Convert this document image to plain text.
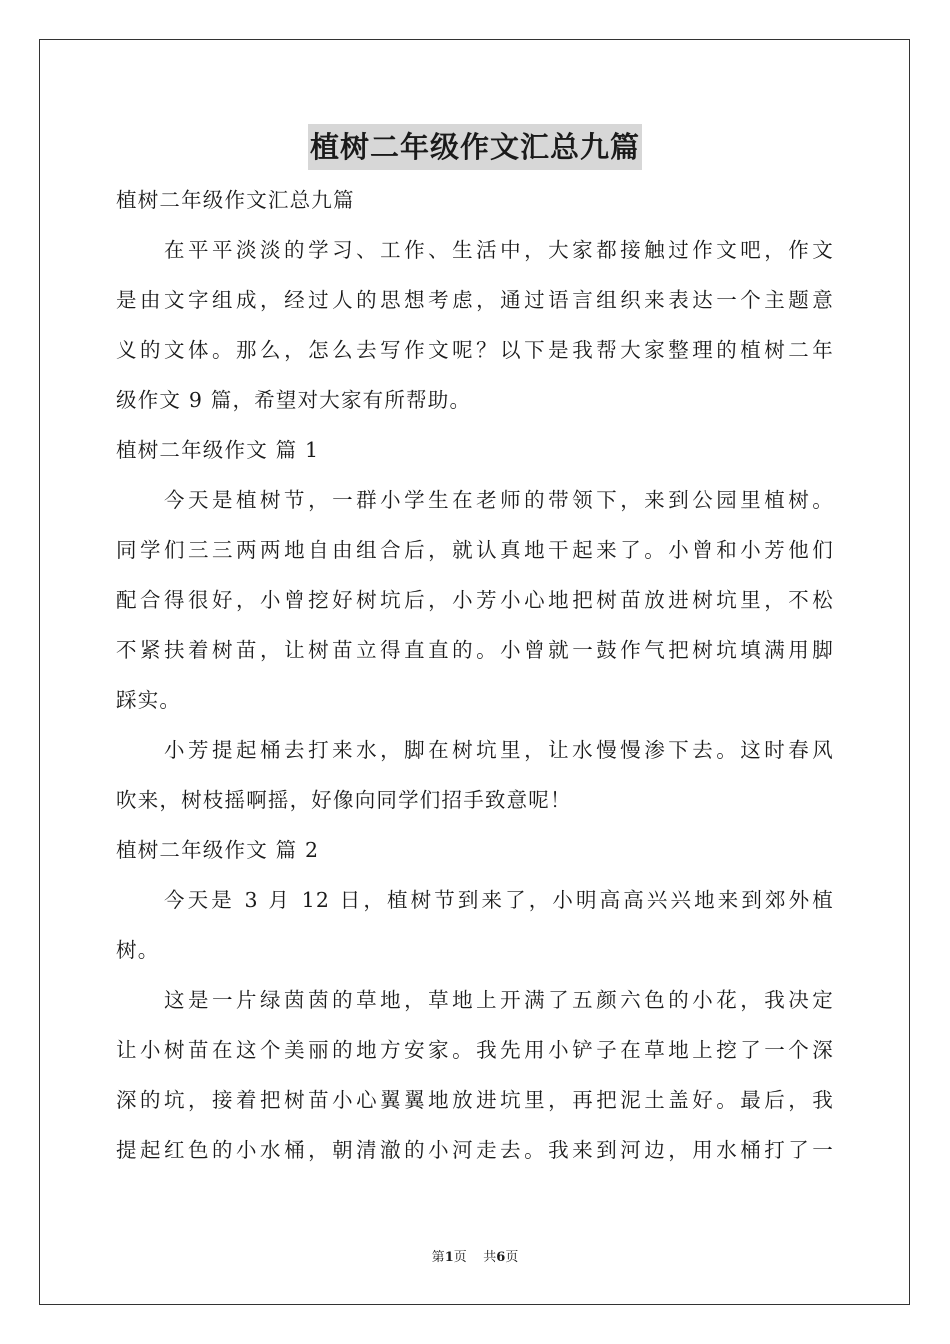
植树二年级作文汇总九篇
植树二年级作文汇总九篇
在平平淡淡的学习、工作、生活中，大家都接触过作文吧，作文
是由文字组成，经过人的思想考虑，通过语言组织来表达一个主题意
义的文体。那么，怎么去写作文呢？以下是我帮大家整理的植树二年
级作文 9 篇，希望对大家有所帮助。
植树二年级作文 篇 1
今天是植树节，一群小学生在老师的带领下，来到公园里植树。
同学们三三两两地自由组合后，就认真地干起来了。小曾和小芳他们
配合得很好，小曾挖好树坑后，小芳小心地把树苗放进树坑里，不松
不紧扶着树苗，让树苗立得直直的。小曾就一鼓作气把树坑填满用脚
踩实。
小芳提起桶去打来水，脚在树坑里，让水慢慢渗下去。这时春风
吹来，树枝摇啊摇，好像向同学们招手致意呢！
植树二年级作文 篇 2
今天是 3 月 12 日，植树节到来了，小明高高兴兴地来到郊外植
树。
这是一片绿茵茵的草地，草地上开满了五颜六色的小花，我决定
让小树苗在这个美丽的地方安家。我先用小铲子在草地上挖了一个深
深的坑，接着把树苗小心翼翼地放进坑里，再把泥土盖好。最后，我
提起红色的小水桶，朝清澈的小河走去。我来到河边，用水桶打了一
第1页    共6页
